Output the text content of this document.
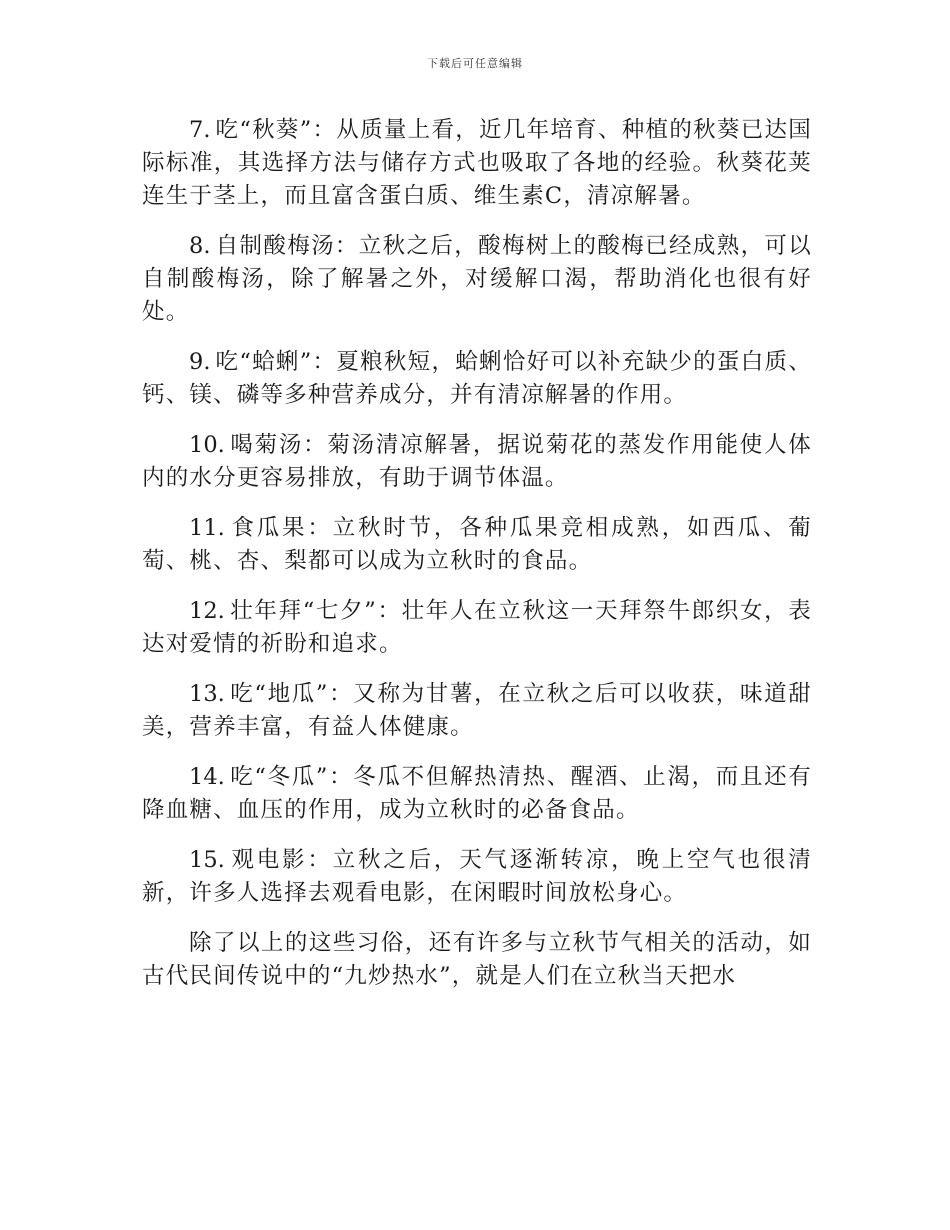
下载后可任意编辑

7. 吃“秋葵”：从质量上看，近几年培育、种植的秋葵已达国际标准，其选择方法与储存方式也吸取了各地的经验。秋葵花荚连生于茎上，而且富含蛋白质、维生素C，清凉解暑。

8. 自制酸梅汤：立秋之后，酸梅树上的酸梅已经成熟，可以自制酸梅汤，除了解暑之外，对缓解口渴，帮助消化也很有好处。

9. 吃“蛤蜊”：夏粮秋短，蛤蜊恰好可以补充缺少的蛋白质、钙、镁、磷等多种营养成分，并有清凉解暑的作用。

10. 喝菊汤：菊汤清凉解暑，据说菊花的蒸发作用能使人体内的水分更容易排放，有助于调节体温。

11. 食瓜果：立秋时节，各种瓜果竞相成熟，如西瓜、葡萄、桃、杏、梨都可以成为立秋时的食品。

12. 壮年拜“七夕”：壮年人在立秋这一天拜祭牛郎织女，表达对爱情的祈盼和追求。

13. 吃“地瓜”：又称为甘薯，在立秋之后可以收获，味道甜美，营养丰富，有益人体健康。

14. 吃“冬瓜”：冬瓜不但解热清热、醒酒、止渴，而且还有降血糖、血压的作用，成为立秋时的必备食品。

15. 观电影：立秋之后，天气逐渐转凉，晚上空气也很清新，许多人选择去观看电影，在闲暇时间放松身心。

除了以上的这些习俗，还有许多与立秋节气相关的活动，如古代民间传说中的“九炒热水”，就是人们在立秋当天把水
